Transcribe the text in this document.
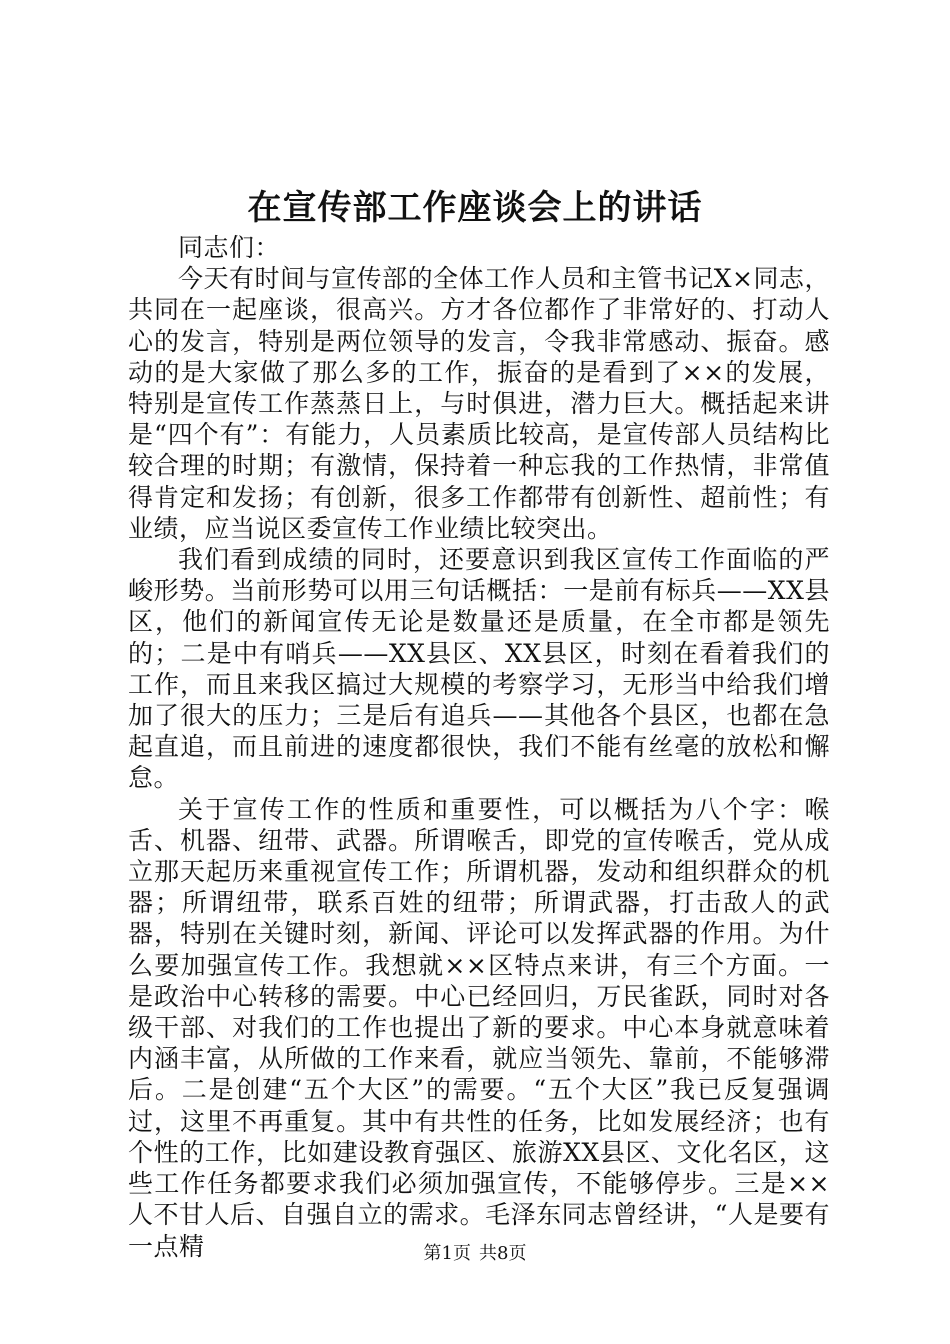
在宣传部工作座谈会上的讲话

同志们：

今天有时间与宣传部的全体工作人员和主管书记X×同志，共同在一起座谈，很高兴。方才各位都作了非常好的、打动人心的发言，特别是两位领导的发言，令我非常感动、振奋。感动的是大家做了那么多的工作，振奋的是看到了××的发展，特别是宣传工作蒸蒸日上，与时俱进，潜力巨大。概括起来讲是“四个有”：有能力，人员素质比较高，是宣传部人员结构比较合理的时期；有激情，保持着一种忘我的工作热情，非常值得肯定和发扬；有创新，很多工作都带有创新性、超前性；有业绩，应当说区委宣传工作业绩比较突出。

我们看到成绩的同时，还要意识到我区宣传工作面临的严峻形势。当前形势可以用三句话概括：一是前有标兵——XX县区，他们的新闻宣传无论是数量还是质量，在全市都是领先的；二是中有哨兵——XX县区、XX县区，时刻在看着我们的工作，而且来我区搞过大规模的考察学习，无形当中给我们增加了很大的压力；三是后有追兵——其他各个县区，也都在急起直追，而且前进的速度都很快，我们不能有丝毫的放松和懈怠。

关于宣传工作的性质和重要性，可以概括为八个字：喉舌、机器、纽带、武器。所谓喉舌，即党的宣传喉舌，党从成立那天起历来重视宣传工作；所谓机器，发动和组织群众的机器；所谓纽带，联系百姓的纽带；所谓武器，打击敌人的武器，特别在关键时刻，新闻、评论可以发挥武器的作用。为什么要加强宣传工作。我想就××区特点来讲，有三个方面。一是政治中心转移的需要。中心已经回归，万民雀跃，同时对各级干部、对我们的工作也提出了新的要求。中心本身就意味着内涵丰富，从所做的工作来看，就应当领先、靠前，不能够滞后。二是创建“五个大区”的需要。“五个大区”我已反复强调过，这里不再重复。其中有共性的任务，比如发展经济；也有个性的工作，比如建设教育强区、旅游XX县区、文化名区，这些工作任务都要求我们必须加强宣传，不能够停步。三是××人不甘人后、自强自立的需求。毛泽东同志曾经讲，“人是要有一点精	第1页 共8页
